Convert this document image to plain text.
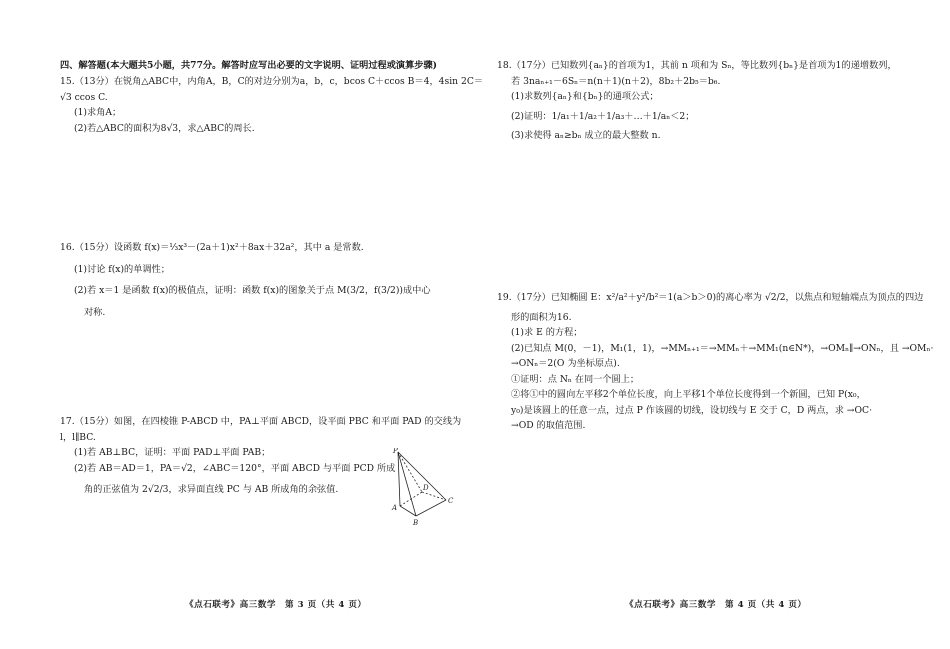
四、解答题(本大题共5小题，共77分。解答时应写出必要的文字说明、证明过程或演算步骤)

15.（13分）在锐角△ABC中，内角A，B，C的对边分别为a，b，c，bcos C＋ccos B＝4，4sin 2C＝

√3 ccos C.

(1)求角A；

(2)若△ABC的面积为8√3，求△ABC的周长.

16.（15分）设函数 f(x)＝⅓x³－(2a＋1)x²＋8ax＋32a²，其中 a 是常数.

(1)讨论 f(x)的单调性；

(2)若 x＝1 是函数 f(x)的极值点，证明：函数 f(x)的图象关于点 M(3/2，f(3/2))成中心

对称.

17.（15分）如图，在四棱锥 P-ABCD 中，PA⊥平面 ABCD，设平面 PBC 和平面 PAD 的交线为

l，l∥BC.

(1)若 AB⊥BC，证明：平面 PAD⊥平面 PAB；

(2)若 AB＝AD＝1，PA＝√2，∠ABC＝120°，平面 ABCD 与平面 PCD 所成

角的正弦值为 2√2/3，求异面直线 PC 与 AB 所成角的余弦值.

P
A
B
C
D
《点石联考》高三数学　第 3 页（共 4 页）

18.（17分）已知数列{aₙ}的首项为1，其前 n 项和为 Sₙ，等比数列{bₙ}是首项为1的递增数列，

若 3naₙ₊₁－6Sₙ＝n(n＋1)(n＋2)，8b₂＋2b₅＝b₆.

(1)求数列{aₙ}和{bₙ}的通项公式；

(2)证明：1/a₁＋1/a₂＋1/a₃＋…＋1/aₙ＜2；

(3)求使得 aₙ≥bₙ 成立的最大整数 n.

19.（17分）已知椭圆 E：x²/a²＋y²/b²＝1(a＞b＞0)的离心率为 √2/2，以焦点和短轴端点为顶点的四边

形的面积为16.

(1)求 E 的方程；

(2)已知点 M(0，－1)，M₁(1，1)，→MMₙ₊₁＝→MMₙ＋→MM₁(n∈N*)，→OMₙ∥→ONₙ，且 →OMₙ·

→ONₙ＝2(O 为坐标原点).

①证明：点 Nₙ 在同一个圆上；

②将①中的圆向左平移2个单位长度，向上平移1个单位长度得到一个新圆，已知 P(x₀，

y₀)是该圆上的任意一点，过点 P 作该圆的切线，设切线与 E 交于 C，D 两点，求 →OC·

→OD 的取值范围.

《点石联考》高三数学　第 4 页（共 4 页）
